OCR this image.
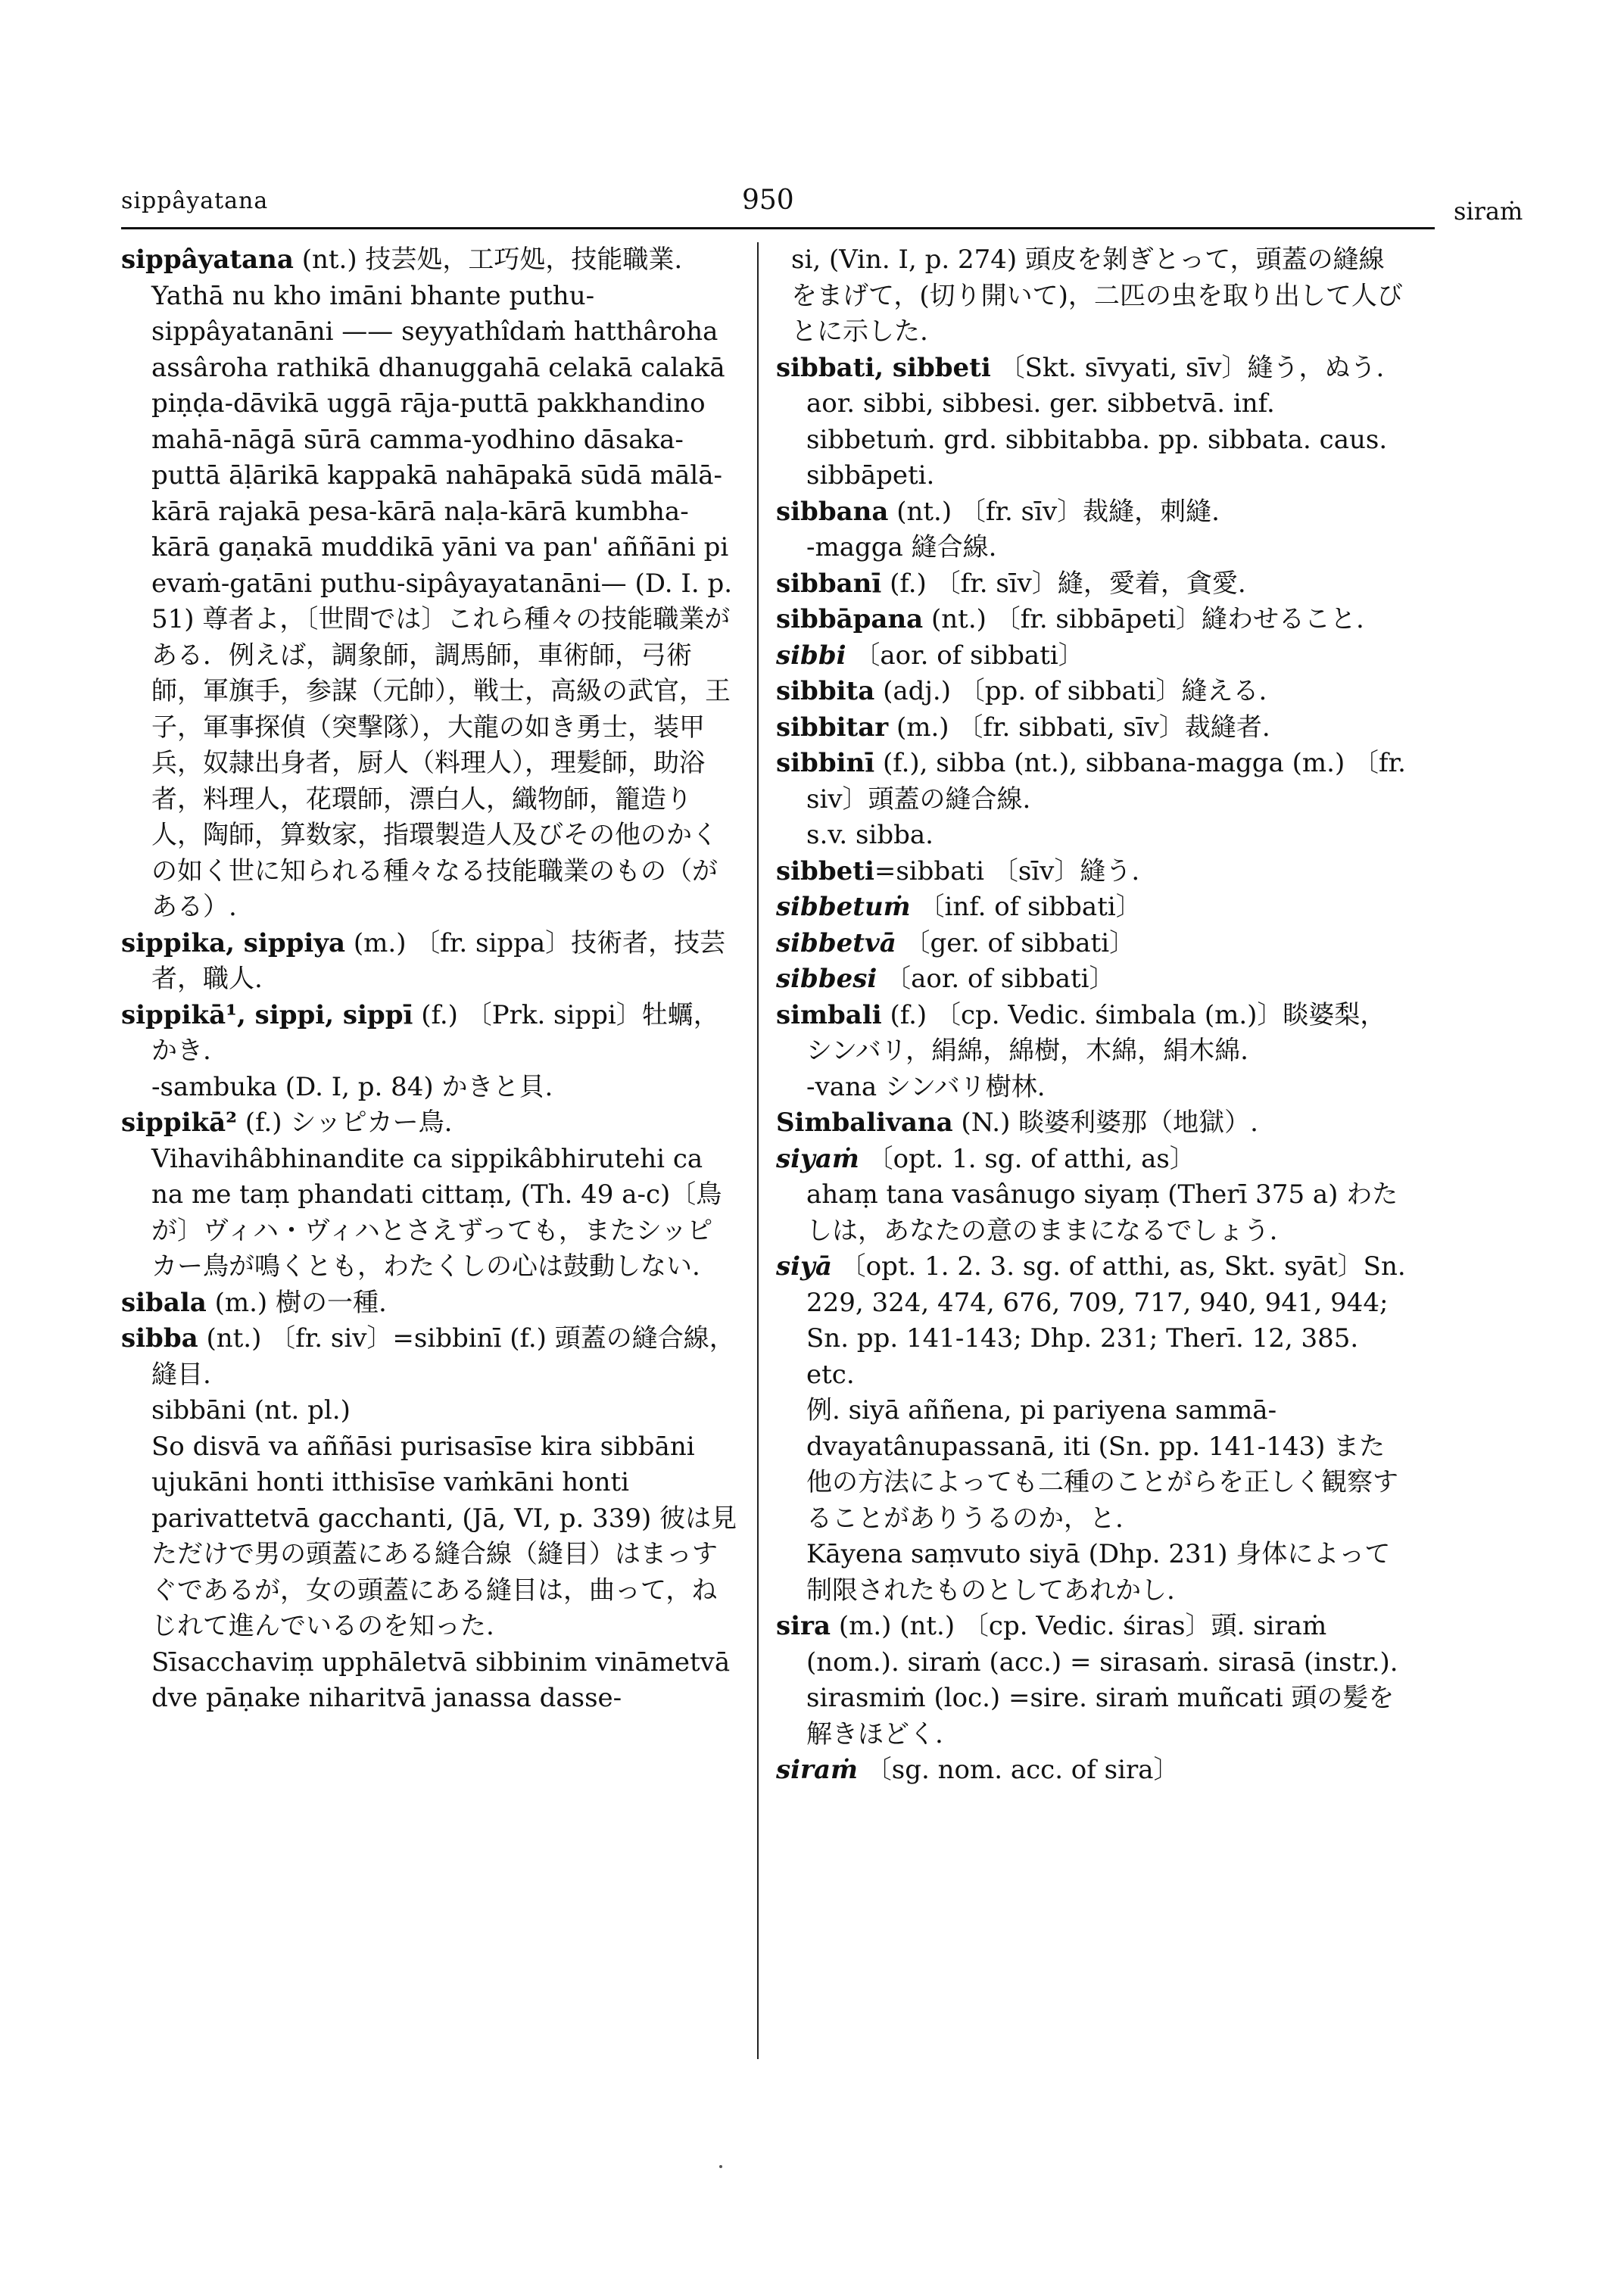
sippâyatana	950	siraṁ

sippâyatana (nt.) 技芸処，工巧処，技能職業.

Yathā nu kho imāni bhante puthu-sippâyatanāni —— seyyathîdaṁ hatthâroha assâroha rathikā dhanuggahā celakā calakā piṇḍa-dāvikā uggā rāja-puttā pakkhandino mahā-nāgā sūrā camma-yodhino dāsaka-puttā āḷārikā kappakā nahāpakā sūdā mālā-kārā rajakā pesa-kārā naḷa-kārā kumbha-kārā gaṇakā muddikā yāni va pan' aññāni pi evaṁ-gatāni puthu-sipâyayatanāni— (D. I. p. 51) 尊者よ，〔世間では〕これら種々の技能職業がある．例えば，調象師，調馬師，車術師，弓術師，軍旗手，参謀（元帥），戦士，高級の武官，王子，軍事探偵（突撃隊），大龍の如き勇士，装甲兵，奴隷出身者，厨人（料理人），理髪師，助浴者，料理人，花環師，漂白人，織物師，籠造り人，陶師，算数家，指環製造人及びその他のかくの如く世に知られる種々なる技能職業のもの（がある）.

sippika, sippiya (m.) 〔fr. sippa〕技術者，技芸者，職人.

sippikā¹, sippi, sippī (f.) 〔Prk. sippi〕牡蠣，かき.

-sambuka (D. I, p. 84) かきと貝.

sippikā² (f.) シッピカー鳥.

Vihavihâbhinandite ca sippikâbhirutehi ca na me taṃ phandati cittaṃ, (Th. 49 a-c)〔鳥が〕ヴィハ・ヴィハとさえずっても，またシッピカー鳥が鳴くとも，わたくしの心は鼓動しない.

sibala (m.) 樹の一種.

sibba (nt.) 〔fr. siv〕=sibbinī (f.) 頭蓋の縫合線，縫目.

sibbāni (nt. pl.)

So disvā va aññāsi purisasīse kira sibbāni ujukāni honti itthisīse vaṁkāni honti parivattetvā gacchanti, (Jā, VI, p. 339) 彼は見ただけで男の頭蓋にある縫合線（縫目）はまっすぐであるが，女の頭蓋にある縫目は，曲って，ねじれて進んでいるのを知った.

Sīsacchaviṃ upphāletvā sibbinim vināmetvā dve pāṇake niharitvā janassa dasse-

si, (Vin. I, p. 274) 頭皮を剝ぎとって，頭蓋の縫線をまげて，(切り開いて)，二匹の虫を取り出して人びとに示した.

sibbati, sibbeti 〔Skt. sīvyati, sīv〕縫う，ぬう. aor. sibbi, sibbesi. ger. sibbetvā. inf. sibbetuṁ. grd. sibbitabba. pp. sibbata. caus. sibbāpeti.

sibbana (nt.) 〔fr. sīv〕裁縫，刺縫.

-magga 縫合線.

sibbanī (f.) 〔fr. sīv〕縫，愛着，貪愛.

sibbāpana (nt.) 〔fr. sibbāpeti〕縫わせること.

sibbi 〔aor. of sibbati〕

sibbita (adj.) 〔pp. of sibbati〕縫える.

sibbitar (m.) 〔fr. sibbati, sīv〕裁縫者.

sibbinī (f.), sibba (nt.), sibbana-magga (m.) 〔fr. siv〕頭蓋の縫合線.

s.v. sibba.

sibbeti=sibbati 〔sīv〕縫う.

sibbetuṁ 〔inf. of sibbati〕

sibbetvā 〔ger. of sibbati〕

sibbesi 〔aor. of sibbati〕

simbali (f.) 〔cp. Vedic. śimbala (m.)〕睒婆梨，シンバリ，絹綿，綿樹，木綿，絹木綿.

-vana シンバリ樹林.

Simbalivana (N.) 睒婆利婆那（地獄）.

siyaṁ 〔opt. 1. sg. of atthi, as〕

ahaṃ tana vasânugo siyaṃ (Therī 375 a) わたしは，あなたの意のままになるでしょう.

siyā 〔opt. 1. 2. 3. sg. of atthi, as, Skt. syāt〕Sn. 229, 324, 474, 676, 709, 717, 940, 941, 944; Sn. pp. 141-143; Dhp. 231; Therī. 12, 385. etc.

例. siyā aññena, pi pariyena sammā-dvayatânupassanā, iti (Sn. pp. 141-143) また他の方法によっても二種のことがらを正しく観察することがありうるのか，と.

Kāyena saṃvuto siyā (Dhp. 231) 身体によって制限されたものとしてあれかし.

sira (m.) (nt.) 〔cp. Vedic. śiras〕頭. siraṁ (nom.). siraṁ (acc.) = sirasaṁ. sirasā (instr.). sirasmiṁ (loc.) =sire. siraṁ muñcati 頭の髪を解きほどく.

siraṁ 〔sg. nom. acc. of sira〕
